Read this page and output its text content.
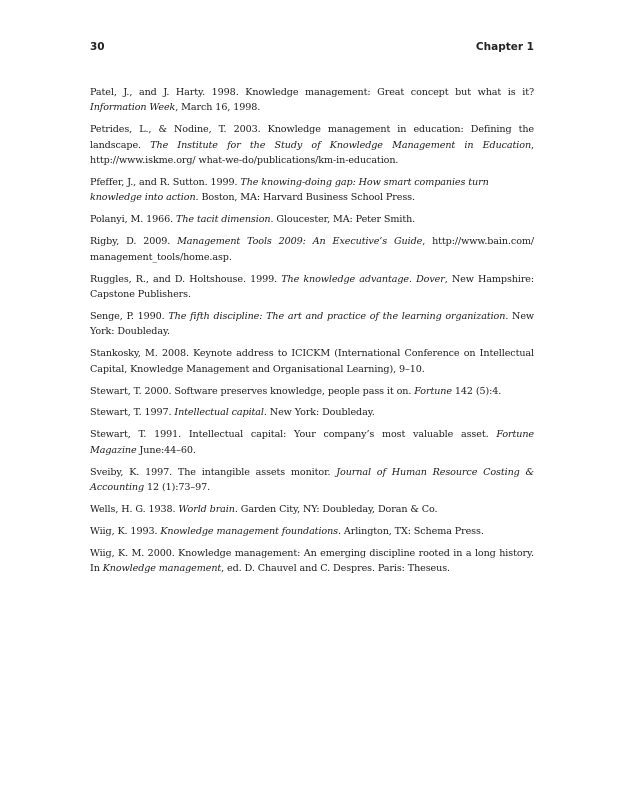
30	Chapter 1

Patel, J., and J. Harty. 1998. Knowledge management: Great concept but what is it? Information Week, March 16, 1998.

Petrides, L., & Nodine, T. 2003. Knowledge management in education: Defining the landscape. The Institute for the Study of Knowledge Management in Education, http://www.iskme.org/ what-we-do/publications/km-in-education.

Pfeffer, J., and R. Sutton. 1999. The knowing-doing gap: How smart companies turn knowledge into action. Boston, MA: Harvard Business School Press.

Polanyi, M. 1966. The tacit dimension. Gloucester, MA: Peter Smith.

Rigby, D. 2009. Management Tools 2009: An Executive’s Guide, http://www.bain.com/ management_tools/home.asp.

Ruggles, R., and D. Holtshouse. 1999. The knowledge advantage. Dover, New Hampshire: Capstone Publishers.

Senge, P. 1990. The fifth discipline: The art and practice of the learning organization. New York: Doubleday.

Stankosky, M. 2008. Keynote address to ICICKM (International Conference on Intellectual Capital, Knowledge Management and Organisational Learning), 9–10.

Stewart, T. 2000. Software preserves knowledge, people pass it on. Fortune 142 (5):4.

Stewart, T. 1997. Intellectual capital. New York: Doubleday.

Stewart, T. 1991. Intellectual capital: Your company’s most valuable asset. Fortune Magazine June:44–60.

Sveiby, K. 1997. The intangible assets monitor. Journal of Human Resource Costing & Accounting 12 (1):73–97.

Wells, H. G. 1938. World brain. Garden City, NY: Doubleday, Doran & Co.

Wiig, K. 1993. Knowledge management foundations. Arlington, TX: Schema Press.

Wiig, K. M. 2000. Knowledge management: An emerging discipline rooted in a long history. In Knowledge management, ed. D. Chauvel and C. Despres. Paris: Theseus.
